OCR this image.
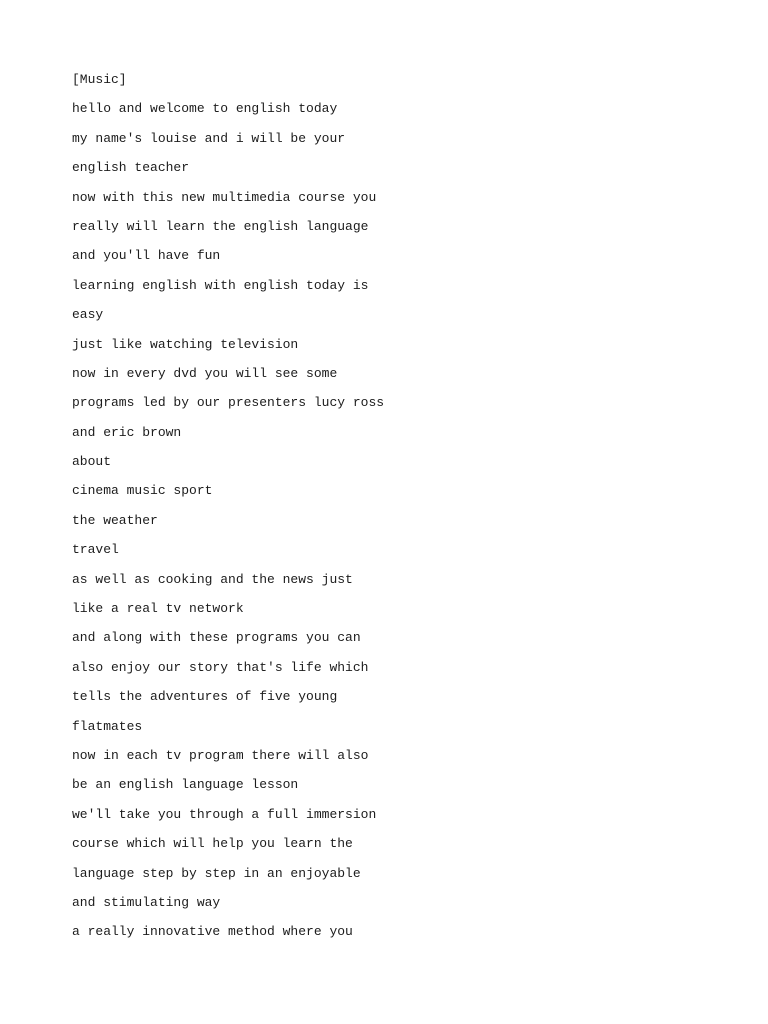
[Music]
hello and welcome to english today
my name's louise and i will be your
english teacher
now with this new multimedia course you
really will learn the english language
and you'll have fun
learning english with english today is
easy
just like watching television
now in every dvd you will see some
programs led by our presenters lucy ross
and eric brown
about
cinema music sport
the weather
travel
as well as cooking and the news just
like a real tv network
and along with these programs you can
also enjoy our story that's life which
tells the adventures of five young
flatmates
now in each tv program there will also
be an english language lesson
we'll take you through a full immersion
course which will help you learn the
language step by step in an enjoyable
and stimulating way
a really innovative method where you
